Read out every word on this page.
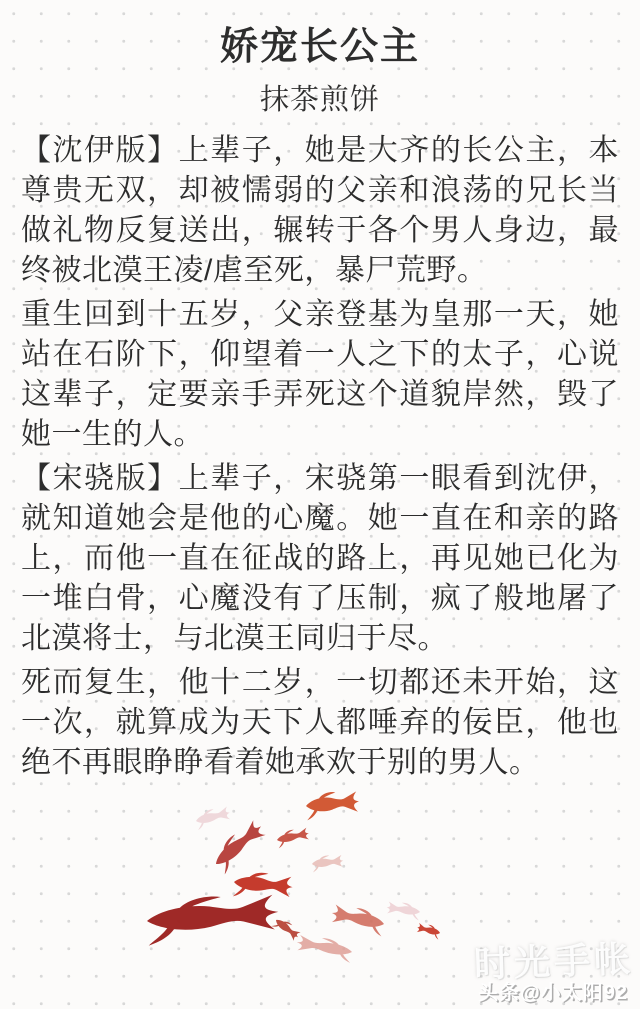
娇宠长公主
抹茶煎饼

【沈伊版】上辈子，她是大齐的长公主，本尊贵无双，却被懦弱的父亲和浪荡的兄长当做礼物反复送出，辗转于各个男人身边，最终被北漠王凌/虐至死，暴尸荒野。

重生回到十五岁，父亲登基为皇那一天，她站在石阶下，仰望着一人之下的太子，心说这辈子，定要亲手弄死这个道貌岸然，毁了她一生的人。

【宋骁版】上辈子，宋骁第一眼看到沈伊，就知道她会是他的心魔。她一直在和亲的路上，而他一直在征战的路上，再见她已化为一堆白骨，心魔没有了压制，疯了般地屠了北漠将士，与北漠王同归于尽。

死而复生，他十二岁，一切都还未开始，这一次，就算成为天下人都唾弃的佞臣，他也绝不再眼睁睁看着她承欢于别的男人。

时光手帐
头条@小太阳92
